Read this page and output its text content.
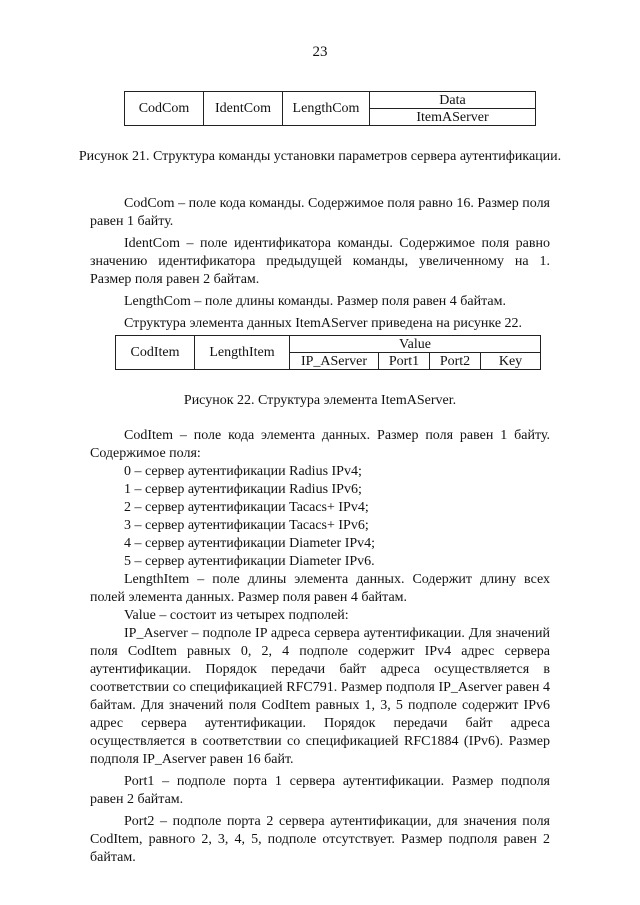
23
CodCom	IdentCom	LengthCom	Data
ItemAServer
Рисунок 21. Структура команды установки параметров сервера аутентификации.

CodCom – поле кода команды. Содержимое поля равно 16. Размер поля равен 1 байту.

IdentCom – поле идентификатора команды. Содержимое поля равно значению идентификатора предыдущей команды, увеличенному на 1. Размер поля равен 2 байтам.

LengthCom – поле длины команды. Размер поля равен 4 байтам.

Структура элемента данных ItemAServer приведена на рисунке 22.

CodItem	LengthItem	Value			
		IP_AServer	Port1	Port2	Key
Рисунок 22. Структура элемента ItemAServer.

CodItem – поле кода элемента данных. Размер поля равен 1 байту. Содержимое поля:

0 – сервер аутентификации Radius IPv4;

1 – сервер аутентификации Radius IPv6;

2 – сервер аутентификации Tacacs+ IPv4;

3 – сервер аутентификации Tacacs+ IPv6;

4 – сервер аутентификации Diameter IPv4;

5 – сервер аутентификации Diameter IPv6.

LengthItem – поле длины элемента данных. Содержит длину всех полей элемента данных. Размер поля равен 4 байтам.

Value – состоит из четырех подполей:

IP_Aserver – подполе IP адреса сервера аутентификации. Для значений поля CodItem равных 0, 2, 4 подполе содержит IPv4 адрес сервера аутентификации. Порядок передачи байт адреса осуществляется в соответствии со спецификацией RFC791. Размер подполя IP_Aserver равен 4 байтам. Для значений поля CodItem равных 1, 3, 5 подполе содержит IPv6 адрес сервера аутентификации. Порядок передачи байт адреса осуществляется в соответствии со спецификацией RFC1884 (IPv6). Размер подполя IP_Aserver равен 16 байт.

Port1 – подполе порта 1 сервера аутентификации. Размер подполя равен 2 байтам.

Port2 – подполе порта 2 сервера аутентификации, для значения поля CodItem, равного 2, 3, 4, 5, подполе отсутствует. Размер подполя равен 2 байтам.
